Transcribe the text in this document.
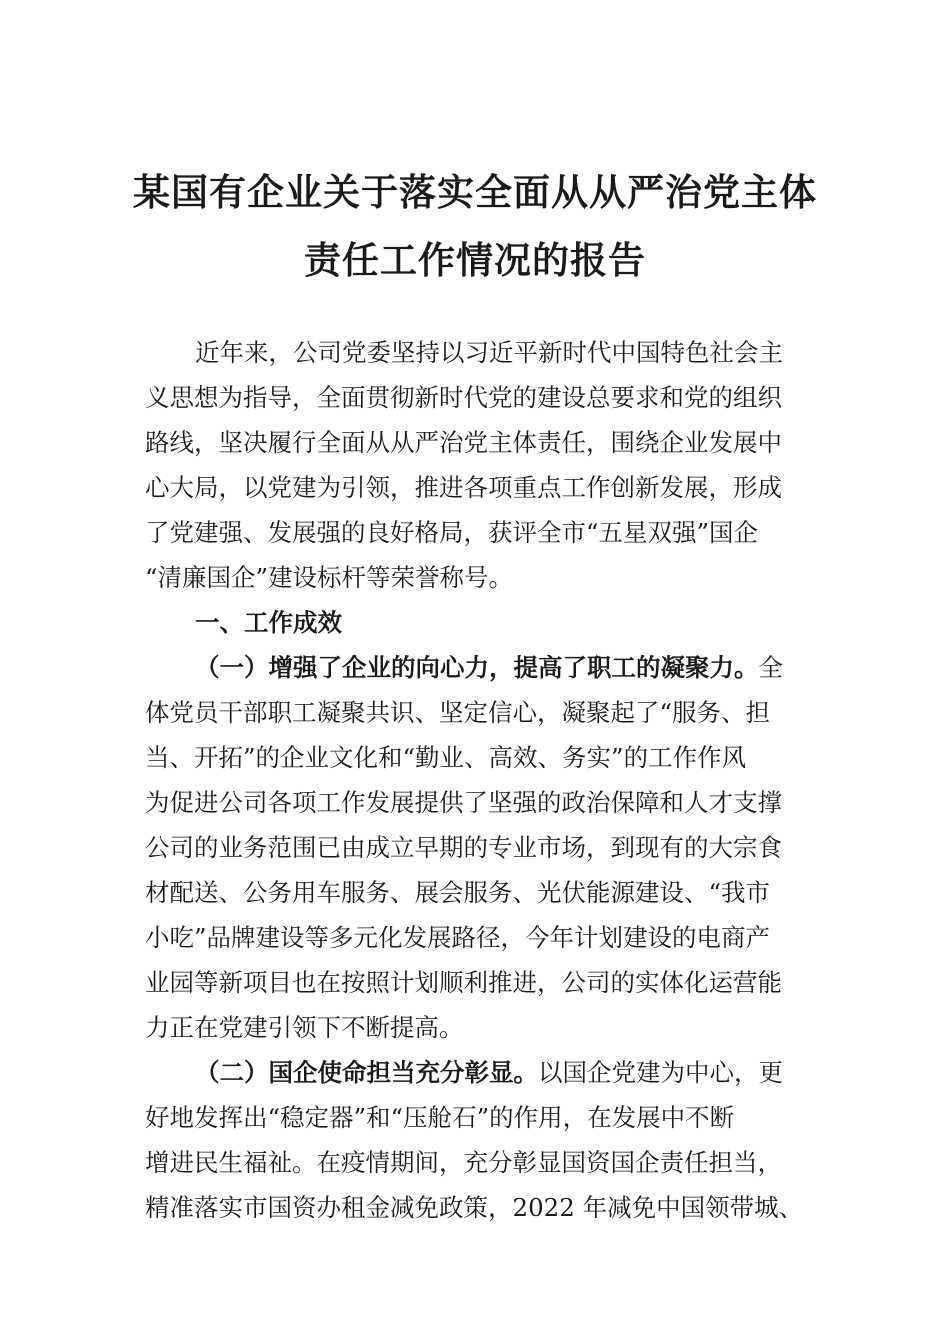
某国有企业关于落实全面从从严治党主体
责任工作情况的报告
近年来，公司党委坚持以习近平新时代中国特色社会主
义思想为指导，全面贯彻新时代党的建设总要求和党的组织
路线，坚决履行全面从从严治党主体责任，围绕企业发展中
心大局，以党建为引领，推进各项重点工作创新发展，形成
了党建强、发展强的良好格局，获评全市“五星双强”国企
“清廉国企”建设标杆等荣誉称号。
一、工作成效
（一）增强了企业的向心力，提高了职工的凝聚力。全
体党员干部职工凝聚共识、坚定信心，凝聚起了“服务、担
当、开拓”的企业文化和“勤业、高效、务实”的工作作风
为促进公司各项工作发展提供了坚强的政治保障和人才支撑
公司的业务范围已由成立早期的专业市场，到现有的大宗食
材配送、公务用车服务、展会服务、光伏能源建设、“我市
小吃”品牌建设等多元化发展路径，今年计划建设的电商产
业园等新项目也在按照计划顺利推进，公司的实体化运营能
力正在党建引领下不断提高。
（二）国企使命担当充分彰显。以国企党建为中心，更
好地发挥出“稳定器”和“压舱石”的作用，在发展中不断
增进民生福祉。在疫情期间，充分彰显国资国企责任担当，
精准落实市国资办租金减免政策，2022 年减免中国领带城、
